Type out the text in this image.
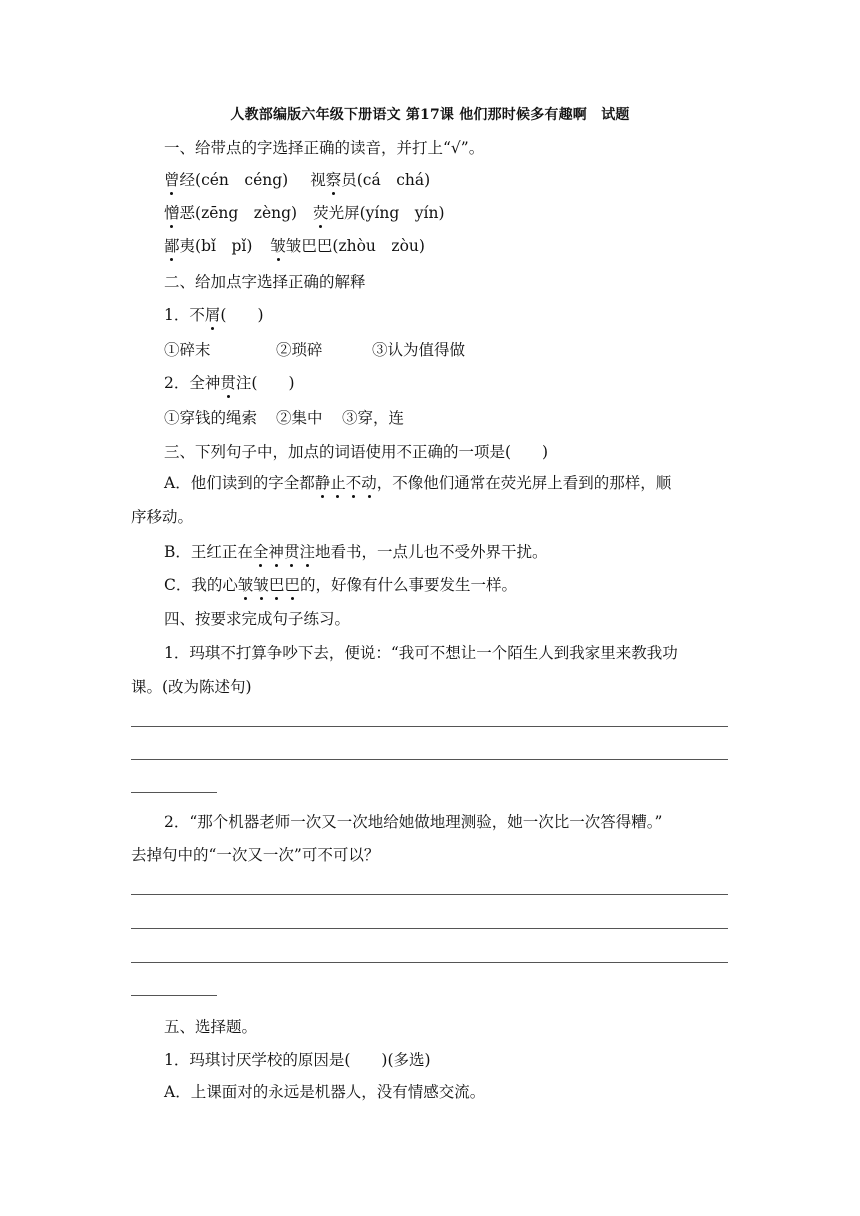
人教部编版六年级下册语文 第17课 他们那时候多有趣啊　试题
一、给带点的字选择正确的读音，并打上“√”。
曾经(cén　céng) 视察员(cá　chá)
憎恶(zēng　zèng) 荧光屏(yíng　yín)
鄙夷(bǐ　pǐ) 皱皱巴巴(zhòu　zòu)
二、给加点字选择正确的解释
1．不屑(　　)
①碎末	②琐碎	③认为值得做
2．全神贯注(　　)
①穿钱的绳索 ②集中 ③穿，连
三、下列句子中，加点的词语使用不正确的一项是(　　)
A．他们读到的字全都静止不动，不像他们通常在荧光屏上看到的那样，顺
序移动。
B．王红正在全神贯注地看书，一点儿也不受外界干扰。
C．我的心皱皱巴巴的，好像有什么事要发生一样。
四、按要求完成句子练习。
1．玛琪不打算争吵下去，便说：“我可不想让一个陌生人到我家里来教我功
课。(改为陈述句)
2．“那个机器老师一次又一次地给她做地理测验，她一次比一次答得糟。”
去掉句中的“一次又一次”可不可以？
五、选择题。
1．玛琪讨厌学校的原因是(　　)(多选)
A．上课面对的永远是机器人，没有情感交流。
